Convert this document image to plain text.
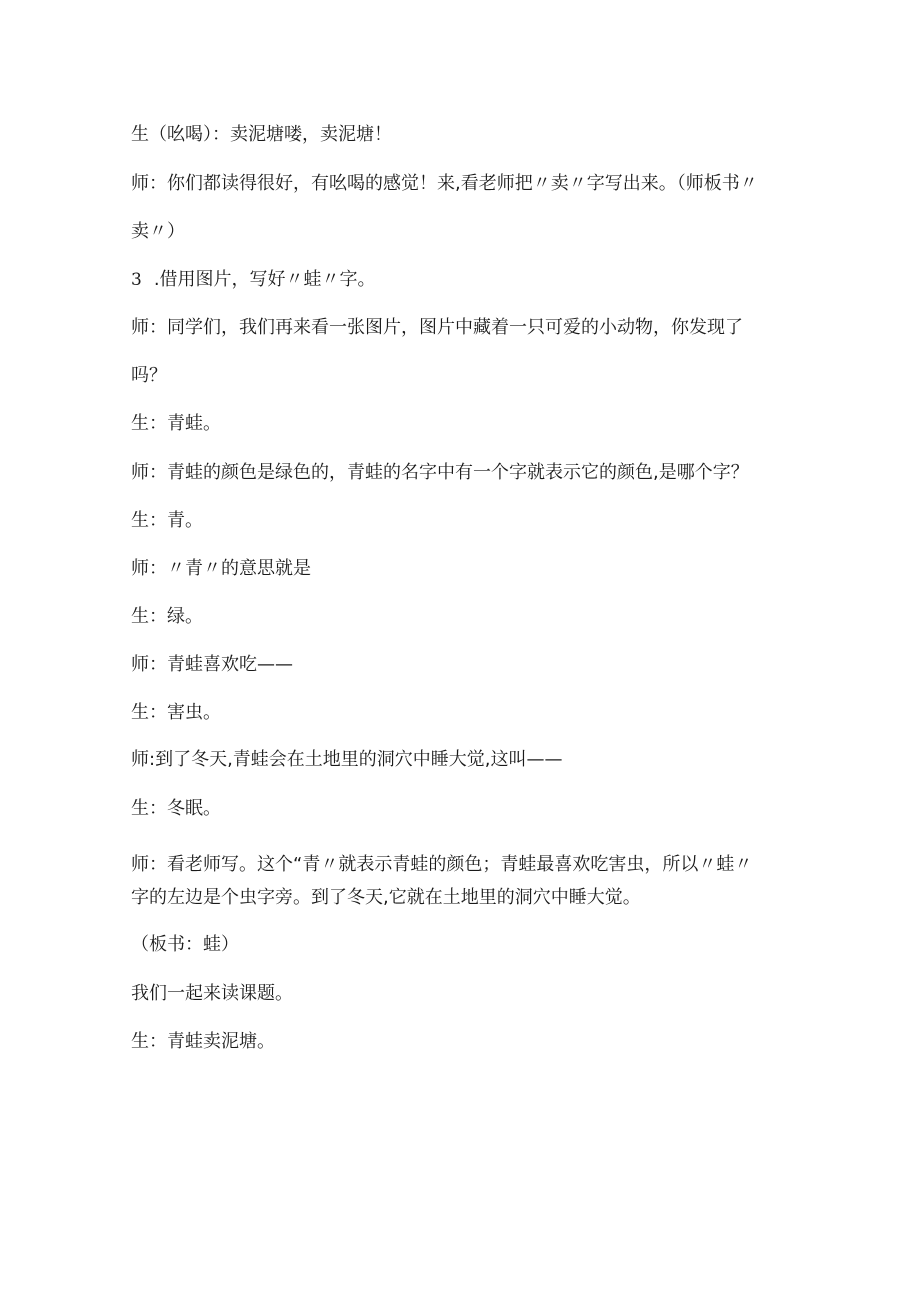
生（吆喝）：卖泥塘喽，卖泥塘！

师：你们都读得很好，有吆喝的感觉！来,看老师把〃卖〃字写出来。（师板书〃

卖〃）

3 .借用图片，写好〃蛙〃字。

师：同学们，我们再来看一张图片，图片中藏着一只可爱的小动物，你发现了

吗？

生：青蛙。

师：青蛙的颜色是绿色的，青蛙的名字中有一个字就表示它的颜色,是哪个字？

生：青。

师：〃青〃的意思就是

生：绿。

师：青蛙喜欢吃——

生：害虫。

师:到了冬天,青蛙会在土地里的洞穴中睡大觉,这叫——

生：冬眠。

师：看老师写。这个“青〃就表示青蛙的颜色；青蛙最喜欢吃害虫，所以〃蛙〃

字的左边是个虫字旁。到了冬天,它就在土地里的洞穴中睡大觉。

（板书：蛙）

我们一起来读课题。

生：青蛙卖泥塘。
